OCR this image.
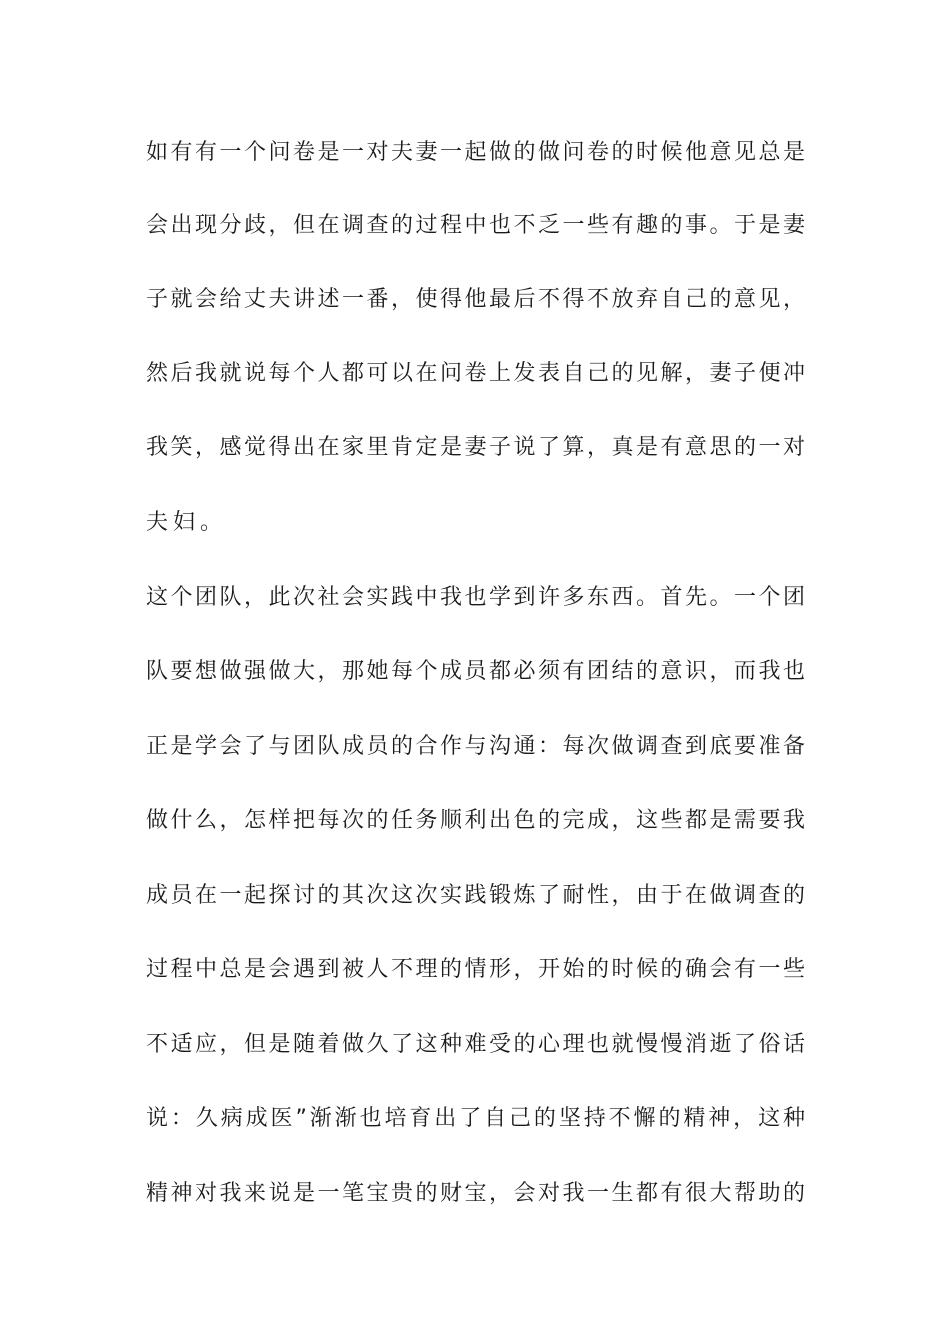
如有有一个问卷是一对夫妻一起做的做问卷的时候他意见总是
会出现分歧，但在调查的过程中也不乏一些有趣的事。于是妻
子就会给丈夫讲述一番，使得他最后不得不放弃自己的意见，
然后我就说每个人都可以在问卷上发表自己的见解，妻子便冲
我笑，感觉得出在家里肯定是妻子说了算，真是有意思的一对
夫妇。
这个团队，此次社会实践中我也学到许多东西。首先。一个团
队要想做强做大，那她每个成员都必须有团结的意识，而我也
正是学会了与团队成员的合作与沟通：每次做调查到底要准备
做什么，怎样把每次的任务顺利出色的完成，这些都是需要我
成员在一起探讨的其次这次实践锻炼了耐性，由于在做调查的
过程中总是会遇到被人不理的情形，开始的时候的确会有一些
不适应，但是随着做久了这种难受的心理也就慢慢消逝了俗话
说：久病成医”渐渐也培育出了自己的坚持不懈的精神，这种
精神对我来说是一笔宝贵的财宝，会对我一生都有很大帮助的
